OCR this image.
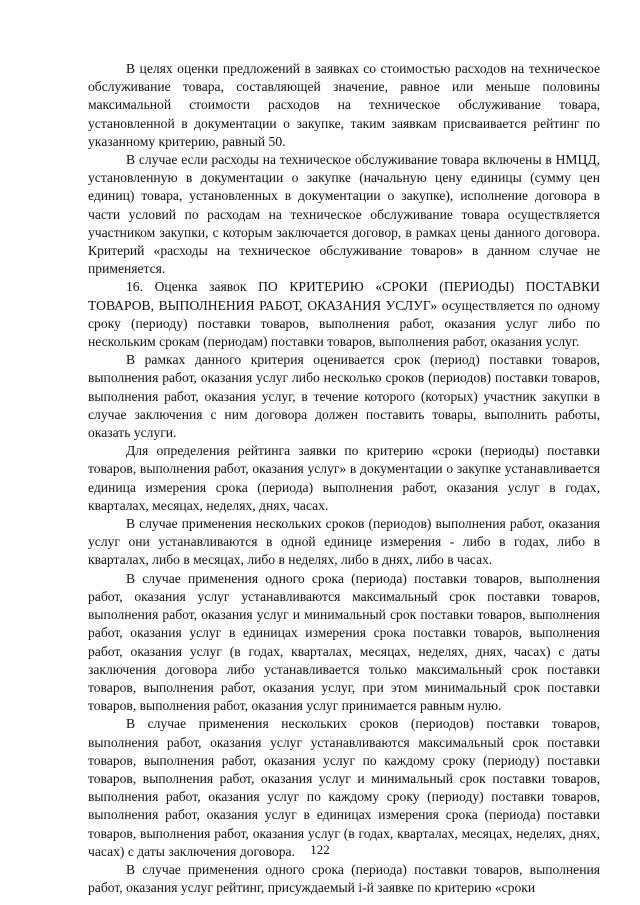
В целях оценки предложений в заявках со стоимостью расходов на техническое обслуживание товара, составляющей значение, равное или меньше половины максимальной стоимости расходов на техническое обслуживание товара, установленной в документации о закупке, таким заявкам присваивается рейтинг по указанному критерию, равный 50.

В случае если расходы на техническое обслуживание товара включены в НМЦД, установленную в документации о закупке (начальную цену единицы (сумму цен единиц) товара, установленных в документации о закупке), исполнение договора в части условий по расходам на техническое обслуживание товара осуществляется участником закупки, с которым заключается договор, в рамках цены данного договора. Критерий «расходы на техническое обслуживание товаров» в данном случае не применяется.

16. Оценка заявок ПО КРИТЕРИЮ «СРОКИ (ПЕРИОДЫ) ПОСТАВКИ ТОВАРОВ, ВЫПОЛНЕНИЯ РАБОТ, ОКАЗАНИЯ УСЛУГ» осуществляется по одному сроку (периоду) поставки товаров, выполнения работ, оказания услуг либо по нескольким срокам (периодам) поставки товаров, выполнения работ, оказания услуг.

В рамках данного критерия оценивается срок (период) поставки товаров, выполнения работ, оказания услуг либо несколько сроков (периодов) поставки товаров, выполнения работ, оказания услуг, в течение которого (которых) участник закупки в случае заключения с ним договора должен поставить товары, выполнить работы, оказать услуги.

Для определения рейтинга заявки по критерию «сроки (периоды) поставки товаров, выполнения работ, оказания услуг» в документации о закупке устанавливается единица измерения срока (периода) выполнения работ, оказания услуг в годах, кварталах, месяцах, неделях, днях, часах.

В случае применения нескольких сроков (периодов) выполнения работ, оказания услуг они устанавливаются в одной единице измерения - либо в годах, либо в кварталах, либо в месяцах, либо в неделях, либо в днях, либо в часах.

В случае применения одного срока (периода) поставки товаров, выполнения работ, оказания услуг устанавливаются максимальный срок поставки товаров, выполнения работ, оказания услуг и минимальный срок поставки товаров, выполнения работ, оказания услуг в единицах измерения срока поставки товаров, выполнения работ, оказания услуг (в годах, кварталах, месяцах, неделях, днях, часах) с даты заключения договора либо устанавливается только максимальный срок поставки товаров, выполнения работ, оказания услуг, при этом минимальный срок поставки товаров, выполнения работ, оказания услуг принимается равным нулю.

В случае применения нескольких сроков (периодов) поставки товаров, выполнения работ, оказания услуг устанавливаются максимальный срок поставки товаров, выполнения работ, оказания услуг по каждому сроку (периоду) поставки товаров, выполнения работ, оказания услуг и минимальный срок поставки товаров, выполнения работ, оказания услуг по каждому сроку (периоду) поставки товаров, выполнения работ, оказания услуг в единицах измерения срока (периода) поставки товаров, выполнения работ, оказания услуг (в годах, кварталах, месяцах, неделях, днях, часах) с даты заключения договора.

В случае применения одного срока (периода) поставки товаров, выполнения работ, оказания услуг рейтинг, присуждаемый i-й заявке по критерию «сроки

122
